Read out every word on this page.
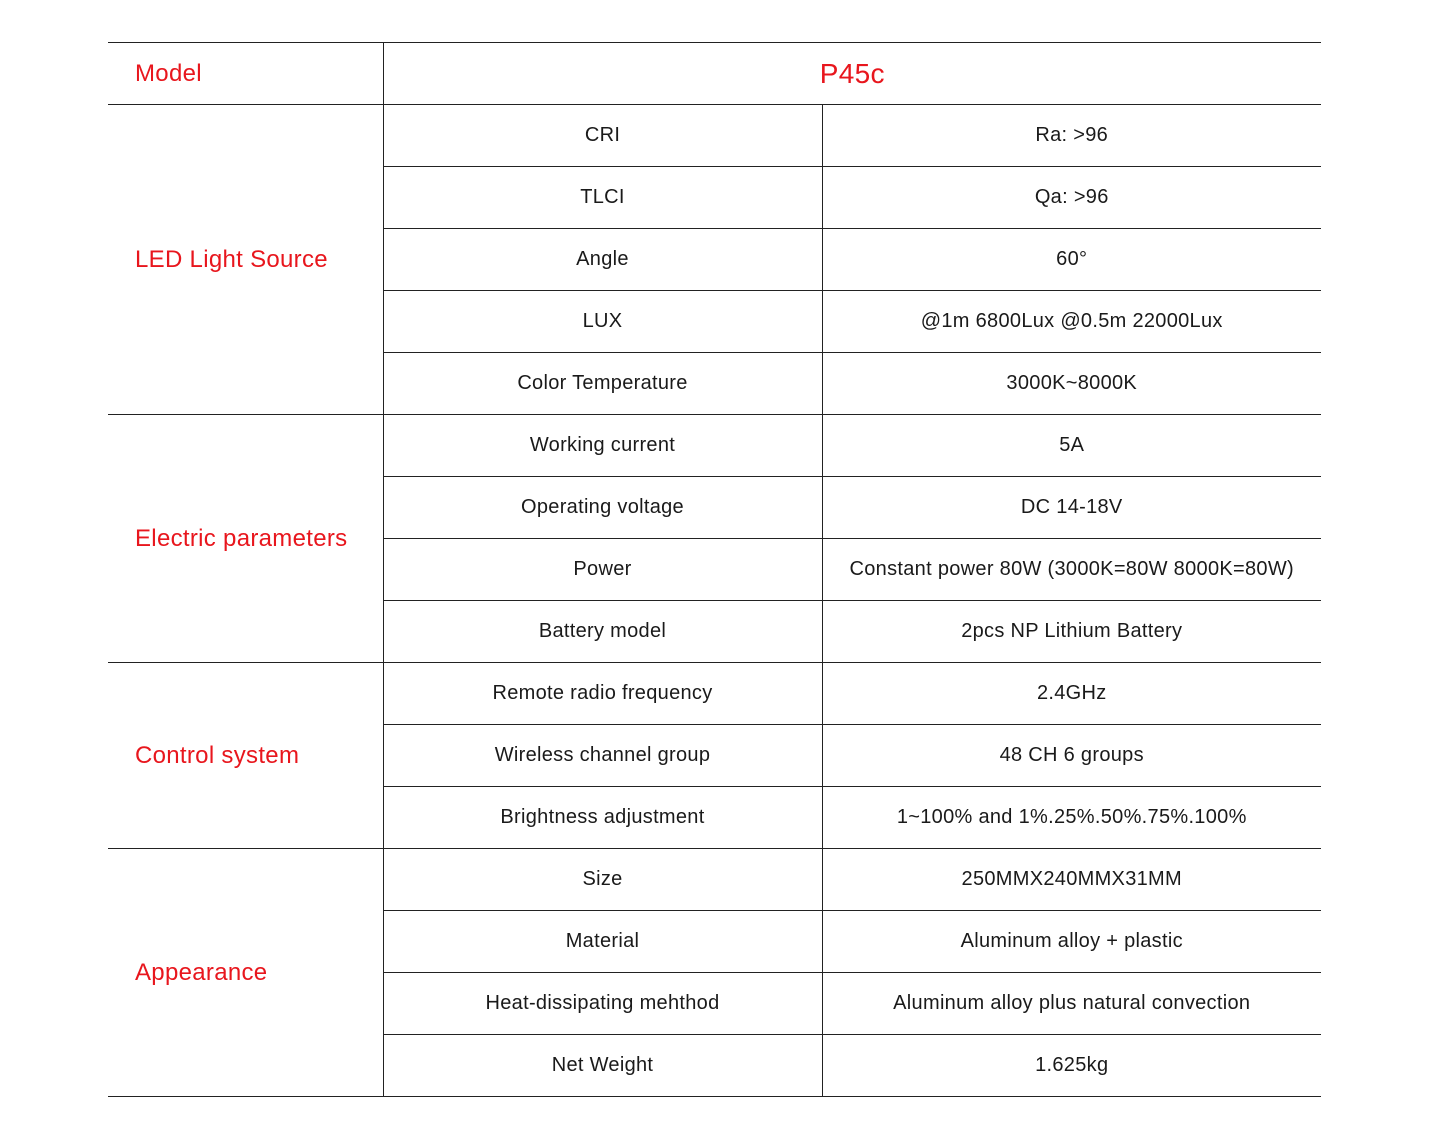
Model	P45c	
LED Light Source	CRI	Ra: >96
	TLCI	Qa: >96
	Angle	60°
	LUX	@1m 6800Lux @0.5m 22000Lux
	Color Temperature	3000K~8000K
Electric parameters	Working current	5A
	Operating voltage	DC 14-18V
	Power	Constant power 80W (3000K=80W 8000K=80W)
	Battery model	2pcs NP Lithium Battery
Control system	Remote radio frequency	2.4GHz
	Wireless channel group	48 CH 6 groups
	Brightness adjustment	1~100% and 1%.25%.50%.75%.100%
Appearance	Size	250MMX240MMX31MM
	Material	Aluminum alloy + plastic
	Heat-dissipating mehthod	Aluminum alloy plus natural convection
	Net Weight	1.625kg
